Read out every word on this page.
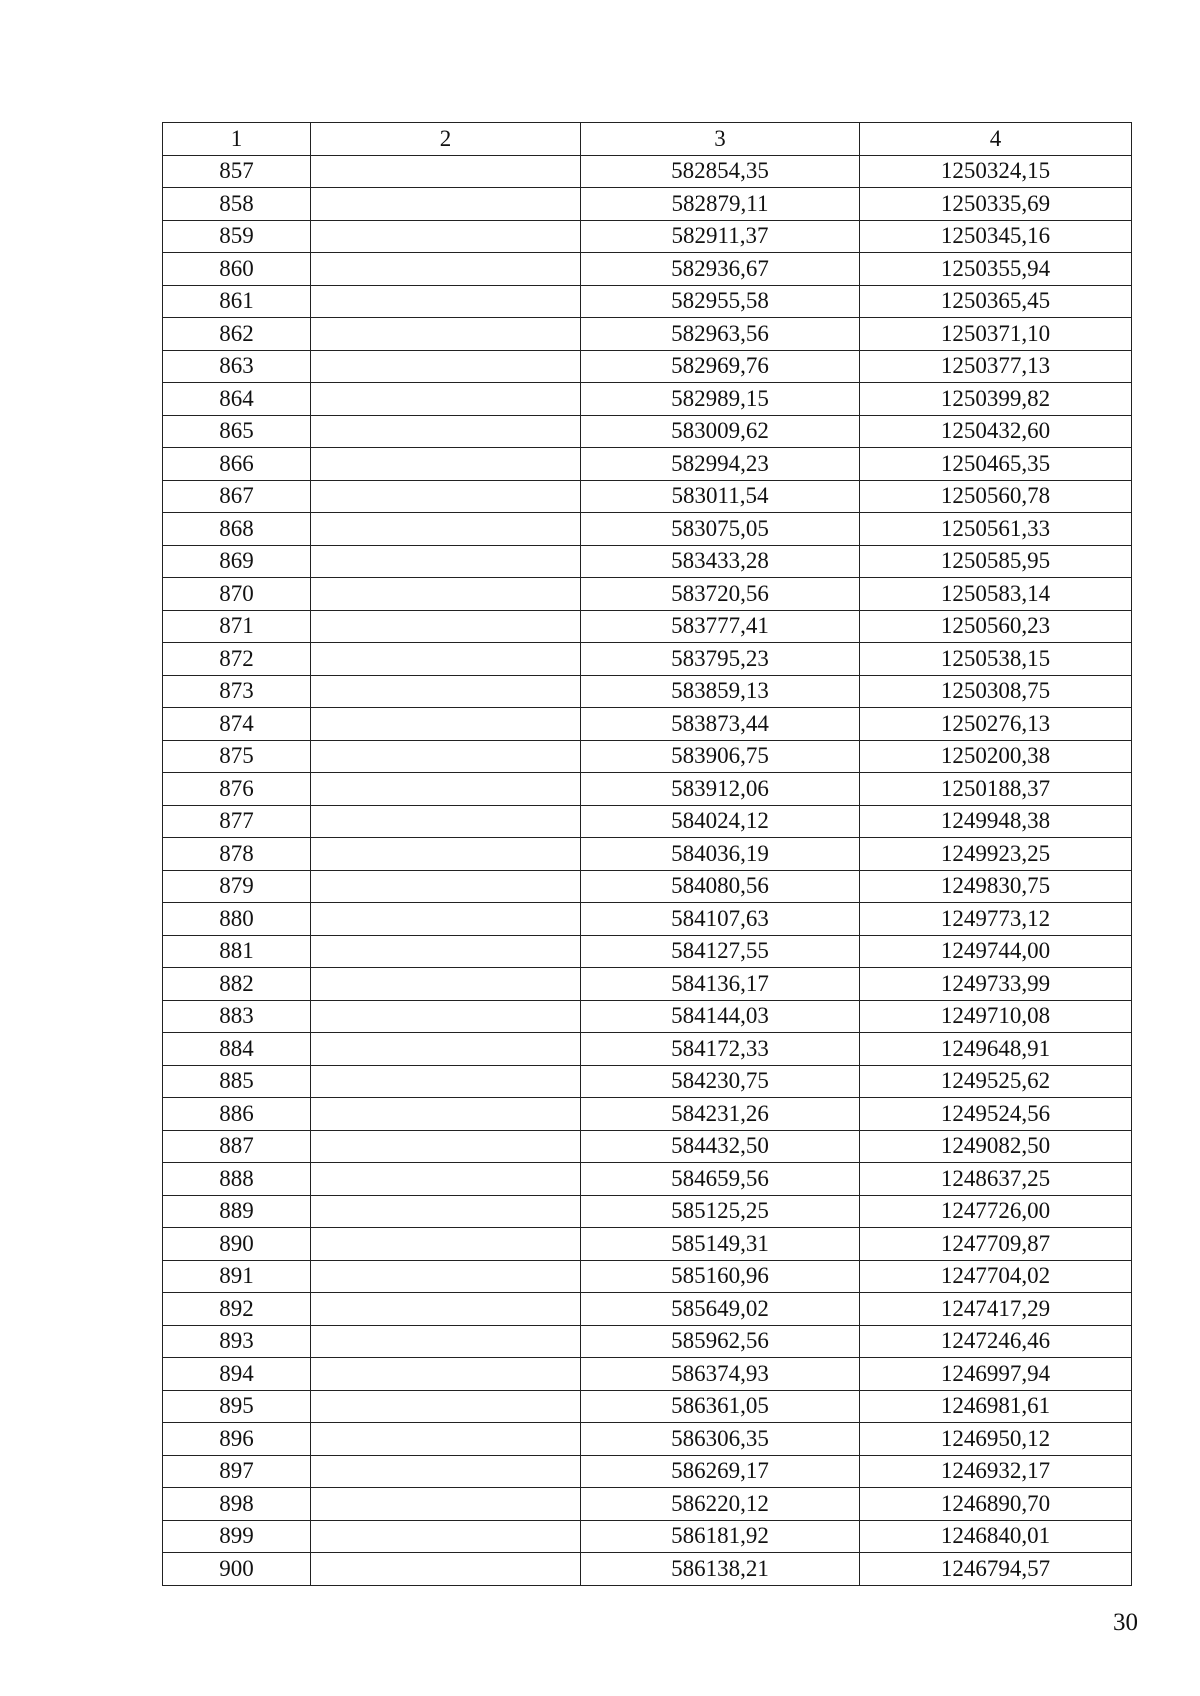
1	2	3	4
857		582854,35	1250324,15
858		582879,11	1250335,69
859		582911,37	1250345,16
860		582936,67	1250355,94
861		582955,58	1250365,45
862		582963,56	1250371,10
863		582969,76	1250377,13
864		582989,15	1250399,82
865		583009,62	1250432,60
866		582994,23	1250465,35
867		583011,54	1250560,78
868		583075,05	1250561,33
869		583433,28	1250585,95
870		583720,56	1250583,14
871		583777,41	1250560,23
872		583795,23	1250538,15
873		583859,13	1250308,75
874		583873,44	1250276,13
875		583906,75	1250200,38
876		583912,06	1250188,37
877		584024,12	1249948,38
878		584036,19	1249923,25
879		584080,56	1249830,75
880		584107,63	1249773,12
881		584127,55	1249744,00
882		584136,17	1249733,99
883		584144,03	1249710,08
884		584172,33	1249648,91
885		584230,75	1249525,62
886		584231,26	1249524,56
887		584432,50	1249082,50
888		584659,56	1248637,25
889		585125,25	1247726,00
890		585149,31	1247709,87
891		585160,96	1247704,02
892		585649,02	1247417,29
893		585962,56	1247246,46
894		586374,93	1246997,94
895		586361,05	1246981,61
896		586306,35	1246950,12
897		586269,17	1246932,17
898		586220,12	1246890,70
899		586181,92	1246840,01
900		586138,21	1246794,57
30
